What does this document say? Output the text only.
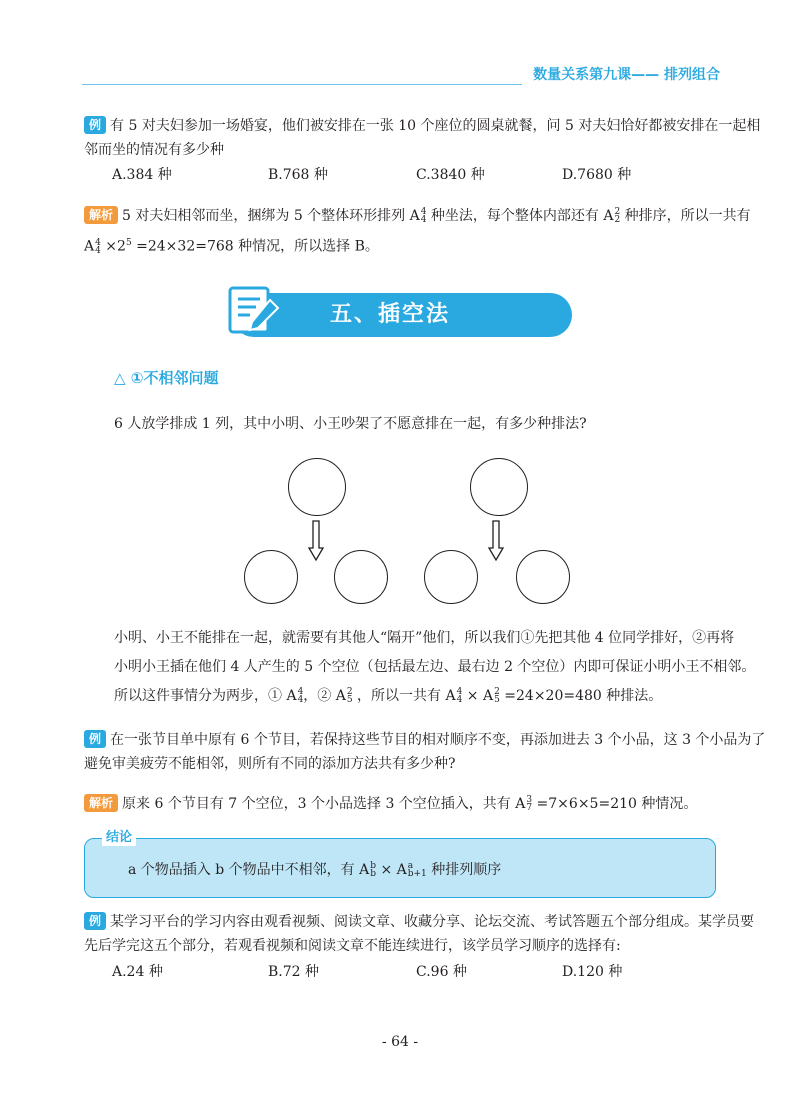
数量关系第九课—— 排列组合
例 有 5 对夫妇参加一场婚宴，他们被安排在一张 10 个座位的圆桌就餐，问 5 对夫妇恰好都被安排在一起相
邻而坐的情况有多少种
A.384 种	B.768 种	C.3840 种	D.7680 种
解析 5 对夫妇相邻而坐，捆绑为 5 个整体环形排列 A 4
4 种坐法，每个整体内部还有 A 2
2 种排序，所以一共有
A 4
$4 \times 2^5 =24\times 32=768$ 种情况，所以选择 B。
五、插空法
△ ①不相邻问题
6 人放学排成 1 列，其中小明、小王吵架了不愿意排在一起，有多少种排法?
小明、小王不能排在一起，就需要有其他人“隔开”他们，所以我们①先把其他 4 位同学排好，②再将
小明小王插在他们 4 人产生的 5 个空位（包括最左边、最右边 2 个空位）内即可保证小明小王不相邻。
所以这件事情分为两步，① A 4
4 ，② A 2
5 ，所以一共有 A 4
4 × A 2
5 =24×20=480 种排法。
例 在一张节目单中原有 6 个节目，若保持这些节目的相对顺序不变，再添加进去 3 个小品，这 3 个小品为了
避免审美疲劳不能相邻，则所有不同的添加方法共有多少种?
解析 原来 6 个节目有 7 个空位，3 个小品选择 3 个空位插入，共有 A 3
7 =7×6×5=210 种情况。
结论
a 个物品插入 b 个物品中不相邻，有 A b
b × A a
b+1 种排列顺序
例 某学习平台的学习内容由观看视频、阅读文章、收藏分享、论坛交流、考试答题五个部分组成。某学员要
先后学完这五个部分，若观看视频和阅读文章不能连续进行，该学员学习顺序的选择有:
A.24 种	B.72 种	C.96 种	D.120 种
- 64 -
